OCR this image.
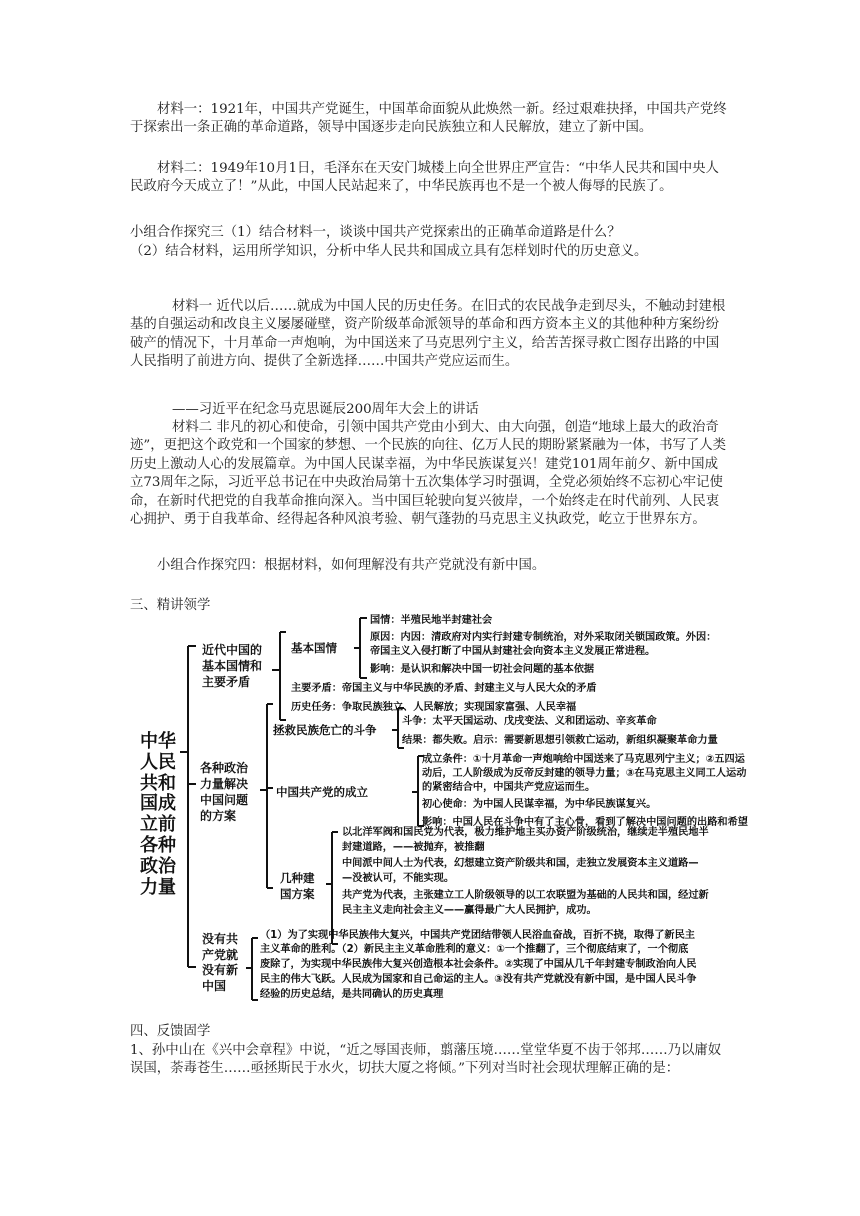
材料一：1921年，中国共产党诞生，中国革命面貌从此焕然一新。经过艰难抉择，中国共产党终于探索出一条正确的革命道路，领导中国逐步走向民族独立和人民解放，建立了新中国。

材料二：1949年10月1日，毛泽东在天安门城楼上向全世界庄严宣告：“中华人民共和国中央人民政府今天成立了！”从此，中国人民站起来了，中华民族再也不是一个被人侮辱的民族了。

小组合作探究三（1）结合材料一，谈谈中国共产党探索出的正确革命道路是什么？

（2）结合材料，运用所学知识，分析中华人民共和国成立具有怎样划时代的历史意义。

材料一 近代以后……就成为中国人民的历史任务。在旧式的农民战争走到尽头，不触动封建根基的自强运动和改良主义屡屡碰壁，资产阶级革命派领导的革命和西方资本主义的其他种种方案纷纷破产的情况下，十月革命一声炮响，为中国送来了马克思列宁主义，给苦苦探寻救亡图存出路的中国人民指明了前进方向、提供了全新选择……中国共产党应运而生。

——习近平在纪念马克思诞辰200周年大会上的讲话

材料二 非凡的初心和使命，引领中国共产党由小到大、由大向强，创造“地球上最大的政治奇迹”，更把这个政党和一个国家的梦想、一个民族的向往、亿万人民的期盼紧紧融为一体，书写了人类历史上激动人心的发展篇章。为中国人民谋幸福，为中华民族谋复兴！建党101周年前夕、新中国成立73周年之际，习近平总书记在中央政治局第十五次集体学习时强调，全党必须始终不忘初心牢记使命，在新时代把党的自我革命推向深入。当中国巨轮驶向复兴彼岸，一个始终走在时代前列、人民衷心拥护、勇于自我革命、经得起各种风浪考验、朝气蓬勃的马克思主义执政党，屹立于世界东方。

小组合作探究四：根据材料，如何理解没有共产党就没有新中国。

三、精讲领学
中华
人民
共和
国成
立前
各种
政治
力量
近代中国的
基本国情和
主要矛盾
基本国情
国情：半殖民地半封建社会
原因：内因：清政府对内实行封建专制统治，对外采取闭关锁国政策。外因：
帝国主义入侵打断了中国从封建社会向资本主义发展正常进程。
影响：是认识和解决中国一切社会问题的基本依据
主要矛盾：帝国主义与中华民族的矛盾、封建主义与人民大众的矛盾
历史任务：争取民族独立、人民解放；实现国家富强、人民幸福
各种政治
力量解决
中国问题
的方案
拯救民族危亡的斗争
斗争：太平天国运动、戊戌变法、义和团运动、辛亥革命
结果：都失败。启示：需要新思想引领救亡运动，新组织凝聚革命力量
中国共产党的成立
成立条件：①十月革命一声炮响给中国送来了马克思列宁主义；②五四运
动后，工人阶级成为反帝反封建的领导力量；③在马克思主义同工人运动
的紧密结合中，中国共产党应运而生。
初心使命：为中国人民谋幸福，为中华民族谋复兴。
影响：中国人民在斗争中有了主心骨，看到了解决中国问题的出路和希望
几种建
国方案
以北洋军阀和国民党为代表，极力维护地主买办资产阶级统治，继续走半殖民地半
封建道路，——被抛弃，被推翻
中间派中间人士为代表，幻想建立资产阶级共和国，走独立发展资本主义道路—
—没被认可，不能实现。
共产党为代表，主张建立工人阶级领导的以工农联盟为基础的人民共和国，经过新
民主主义走向社会主义——赢得最广大人民拥护，成功。
没有共
产党就
没有新
中国
（1）为了实现中华民族伟大复兴，中国共产党团结带领人民浴血奋战，百折不挠，取得了新民主
主义革命的胜利。（2）新民主主义革命胜利的意义：①一个推翻了，三个彻底结束了，一个彻底
废除了，为实现中华民族伟大复兴创造根本社会条件。②实现了中国从几千年封建专制政治向人民
民主的伟大飞跃。人民成为国家和自己命运的主人。③没有共产党就没有新中国，是中国人民斗争
经验的历史总结，是共同确认的历史真理
四、反馈固学

1、孙中山在《兴中会章程》中说，“近之辱国丧师，翦藩压境……堂堂华夏不齿于邻邦……乃以庸奴误国，荼毒苍生……亟拯斯民于水火，切扶大厦之将倾。”下列对当时社会现状理解正确的是：
